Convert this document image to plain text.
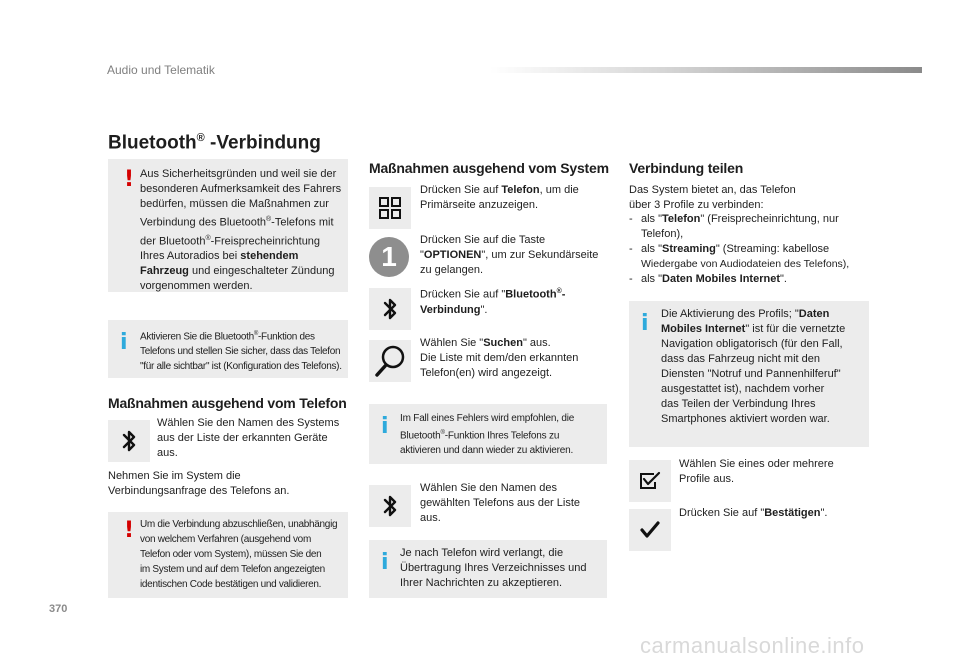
Audio und Telematik
Bluetooth® -Verbindung
! Aus Sicherheitsgründen und weil sie der
besonderen Aufmerksamkeit des Fahrers
bedürfen, müssen die Maßnahmen zur
Verbindung des Bluetooth®-Telefons mit
der Bluetooth®-Freisprecheinrichtung
Ihres Autoradios bei stehendem
Fahrzeug und eingeschalteter Zündung
vorgenommen werden.
i Aktivieren Sie die Bluetooth®-Funktion des
Telefons und stellen Sie sicher, dass das Telefon
"für alle sichtbar" ist (Konfiguration des Telefons).
Maßnahmen ausgehend vom Telefon
Wählen Sie den Namen des Systems
aus der Liste der erkannten Geräte
aus.
Nehmen Sie im System die
Verbindungsanfrage des Telefons an.
! Um die Verbindung abzuschließen, unabhängig
von welchem Verfahren (ausgehend vom
Telefon oder vom System), müssen Sie den
im System und auf dem Telefon angezeigten
identischen Code bestätigen und validieren.
Maßnahmen ausgehend vom System
Drücken Sie auf Telefon, um die
Primärseite anzuzeigen.
1
Drücken Sie auf die Taste
"OPTIONEN", um zur Sekundärseite
zu gelangen.
Drücken Sie auf "Bluetooth®-
Verbindung".
Wählen Sie "Suchen" aus.
Die Liste mit dem/den erkannten
Telefon(en) wird angezeigt.
i Im Fall eines Fehlers wird empfohlen, die
Bluetooth®-Funktion Ihres Telefons zu
aktivieren und dann wieder zu aktivieren.
Wählen Sie den Namen des
gewählten Telefons aus der Liste
aus.
i Je nach Telefon wird verlangt, die
Übertragung Ihres Verzeichnisses und
Ihrer Nachrichten zu akzeptieren.
Verbindung teilen
Das System bietet an, das Telefon
über 3 Profile zu verbinden:
- als "Telefon" (Freisprecheinrichtung, nur
Telefon),
- als "Streaming" (Streaming: kabellose
Wiedergabe von Audiodateien des Telefons),
- als "Daten Mobiles Internet".
i Die Aktivierung des Profils; "Daten
Mobiles Internet" ist für die vernetzte
Navigation obligatorisch (für den Fall,
dass das Fahrzeug nicht mit den
Diensten "Notruf und Pannenhilferuf"
ausgestattet ist), nachdem vorher
das Teilen der Verbindung Ihres
Smartphones aktiviert worden war.
Wählen Sie eines oder mehrere
Profile aus.
Drücken Sie auf "Bestätigen".
370
carmanualsonline.info
